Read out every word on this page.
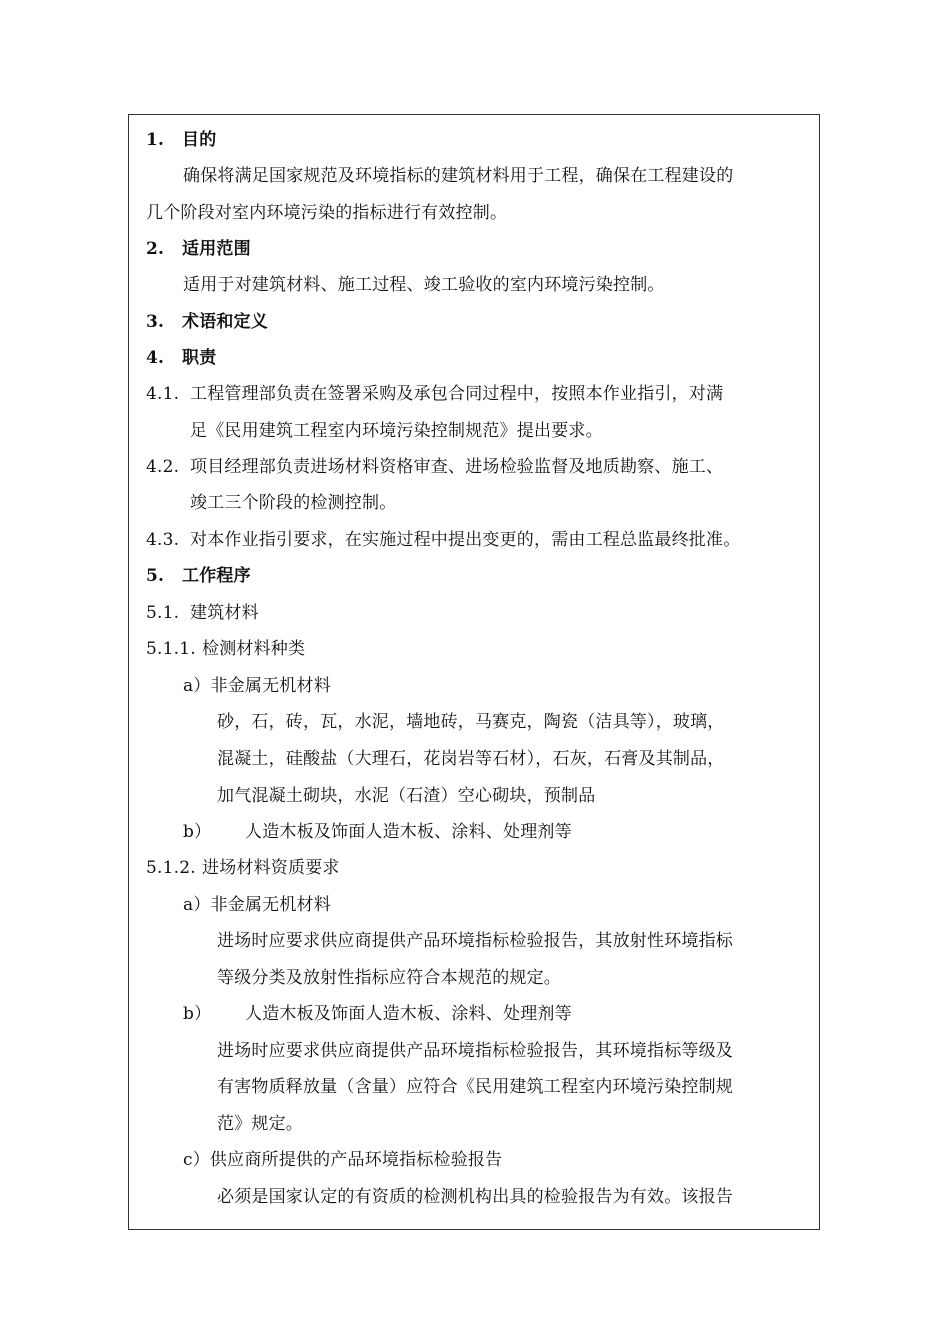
1. 目的
确保将满足国家规范及环境指标的建筑材料用于工程，确保在工程建设的
几个阶段对室内环境污染的指标进行有效控制。
2. 适用范围
适用于对建筑材料、施工过程、竣工验收的室内环境污染控制。
3. 术语和定义
4. 职责
4.1. 工程管理部负责在签署采购及承包合同过程中，按照本作业指引，对满
足《民用建筑工程室内环境污染控制规范》提出要求。
4.2. 项目经理部负责进场材料资格审查、进场检验监督及地质勘察、施工、
竣工三个阶段的检测控制。
4.3. 对本作业指引要求，在实施过程中提出变更的，需由工程总监最终批准。
5. 工作程序
5.1. 建筑材料
5.1.1. 检测材料种类
a）非金属无机材料
砂，石，砖，瓦，水泥，墙地砖，马赛克，陶瓷（洁具等），玻璃，
混凝土，硅酸盐（大理石，花岗岩等石材），石灰，石膏及其制品，
加气混凝土砌块，水泥（石渣）空心砌块，预制品
b） 人造木板及饰面人造木板、涂料、处理剂等
5.1.2. 进场材料资质要求
a）非金属无机材料
进场时应要求供应商提供产品环境指标检验报告，其放射性环境指标
等级分类及放射性指标应符合本规范的规定。
b） 人造木板及饰面人造木板、涂料、处理剂等
进场时应要求供应商提供产品环境指标检验报告，其环境指标等级及
有害物质释放量（含量）应符合《民用建筑工程室内环境污染控制规
范》规定。
c）供应商所提供的产品环境指标检验报告
必须是国家认定的有资质的检测机构出具的检验报告为有效。该报告
